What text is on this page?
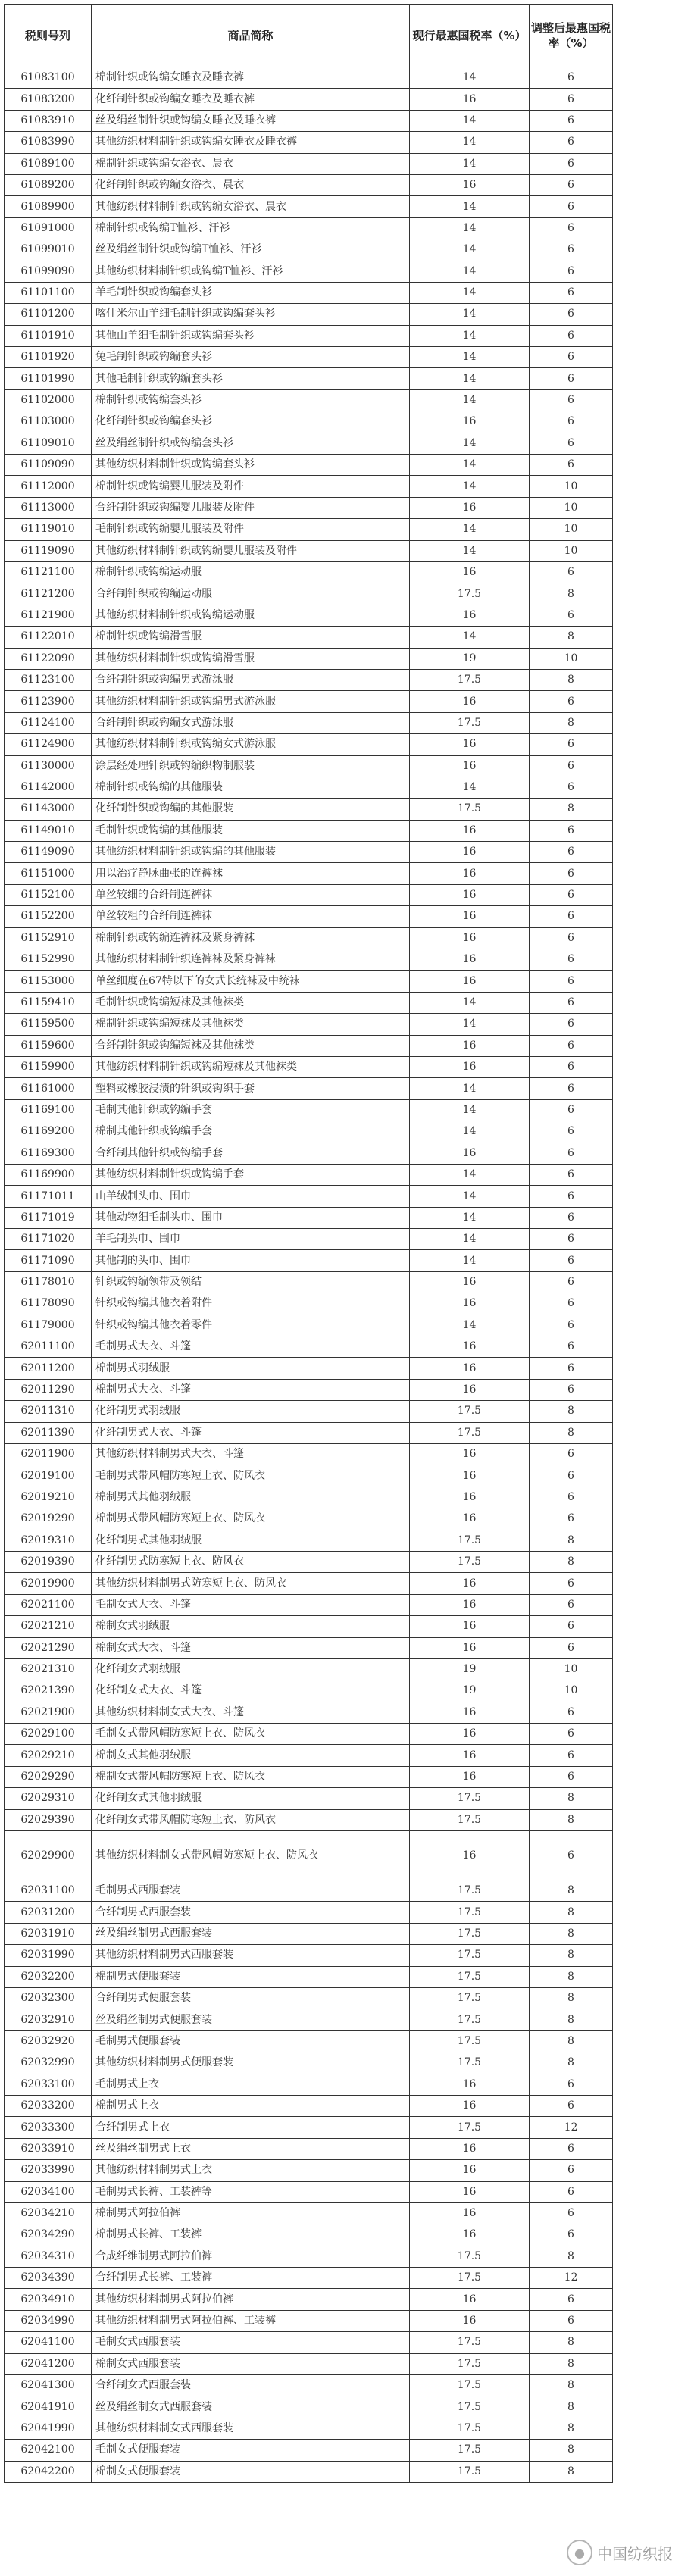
税则号列	商品简称	现行最惠国税率（%）	调整后最惠国税率（%）
61083100	棉制针织或钩编女睡衣及睡衣裤	14	6
61083200	化纤制针织或钩编女睡衣及睡衣裤	16	6
61083910	丝及绢丝制针织或钩编女睡衣及睡衣裤	14	6
61083990	其他纺织材料制针织或钩编女睡衣及睡衣裤	14	6
61089100	棉制针织或钩编女浴衣、晨衣	14	6
61089200	化纤制针织或钩编女浴衣、晨衣	16	6
61089900	其他纺织材料制针织或钩编女浴衣、晨衣	14	6
61091000	棉制针织或钩编T恤衫、汗衫	14	6
61099010	丝及绢丝制针织或钩编T恤衫、汗衫	14	6
61099090	其他纺织材料制针织或钩编T恤衫、汗衫	14	6
61101100	羊毛制针织或钩编套头衫	14	6
61101200	喀什米尔山羊细毛制针织或钩编套头衫	14	6
61101910	其他山羊细毛制针织或钩编套头衫	14	6
61101920	兔毛制针织或钩编套头衫	14	6
61101990	其他毛制针织或钩编套头衫	14	6
61102000	棉制针织或钩编套头衫	14	6
61103000	化纤制针织或钩编套头衫	16	6
61109010	丝及绢丝制针织或钩编套头衫	14	6
61109090	其他纺织材料制针织或钩编套头衫	14	6
61112000	棉制针织或钩编婴儿服装及附件	14	10
61113000	合纤制针织或钩编婴儿服装及附件	16	10
61119010	毛制针织或钩编婴儿服装及附件	14	10
61119090	其他纺织材料制针织或钩编婴儿服装及附件	14	10
61121100	棉制针织或钩编运动服	16	6
61121200	合纤制针织或钩编运动服	17.5	8
61121900	其他纺织材料制针织或钩编运动服	16	6
61122010	棉制针织或钩编滑雪服	14	8
61122090	其他纺织材料制针织或钩编滑雪服	19	10
61123100	合纤制针织或钩编男式游泳服	17.5	8
61123900	其他纺织材料制针织或钩编男式游泳服	16	6
61124100	合纤制针织或钩编女式游泳服	17.5	8
61124900	其他纺织材料制针织或钩编女式游泳服	16	6
61130000	涂层经处理针织或钩编织物制服装	16	6
61142000	棉制针织或钩编的其他服装	14	6
61143000	化纤制针织或钩编的其他服装	17.5	8
61149010	毛制针织或钩编的其他服装	16	6
61149090	其他纺织材料制针织或钩编的其他服装	16	6
61151000	用以治疗静脉曲张的连裤袜	16	6
61152100	单丝较细的合纤制连裤袜	16	6
61152200	单丝较粗的合纤制连裤袜	16	6
61152910	棉制针织或钩编连裤袜及紧身裤袜	16	6
61152990	其他纺织材料制针织连裤袜及紧身裤袜	16	6
61153000	单丝细度在67特以下的女式长统袜及中统袜	16	6
61159410	毛制针织或钩编短袜及其他袜类	14	6
61159500	棉制针织或钩编短袜及其他袜类	14	6
61159600	合纤制针织或钩编短袜及其他袜类	16	6
61159900	其他纺织材料制针织或钩编短袜及其他袜类	16	6
61161000	塑料或橡胶浸渍的针织或钩织手套	14	6
61169100	毛制其他针织或钩编手套	14	6
61169200	棉制其他针织或钩编手套	14	6
61169300	合纤制其他针织或钩编手套	16	6
61169900	其他纺织材料制针织或钩编手套	14	6
61171011	山羊绒制头巾、围巾	14	6
61171019	其他动物细毛制头巾、围巾	14	6
61171020	羊毛制头巾、围巾	14	6
61171090	其他制的头巾、围巾	14	6
61178010	针织或钩编领带及领结	16	6
61178090	针织或钩编其他衣着附件	16	6
61179000	针织或钩编其他衣着零件	14	6
62011100	毛制男式大衣、斗篷	16	6
62011200	棉制男式羽绒服	16	6
62011290	棉制男式大衣、斗篷	16	6
62011310	化纤制男式羽绒服	17.5	8
62011390	化纤制男式大衣、斗篷	17.5	8
62011900	其他纺织材料制男式大衣、斗篷	16	6
62019100	毛制男式带风帽防寒短上衣、防风衣	16	6
62019210	棉制男式其他羽绒服	16	6
62019290	棉制男式带风帽防寒短上衣、防风衣	16	6
62019310	化纤制男式其他羽绒服	17.5	8
62019390	化纤制男式防寒短上衣、防风衣	17.5	8
62019900	其他纺织材料制男式防寒短上衣、防风衣	16	6
62021100	毛制女式大衣、斗篷	16	6
62021210	棉制女式羽绒服	16	6
62021290	棉制女式大衣、斗篷	16	6
62021310	化纤制女式羽绒服	19	10
62021390	化纤制女式大衣、斗篷	19	10
62021900	其他纺织材料制女式大衣、斗篷	16	6
62029100	毛制女式带风帽防寒短上衣、防风衣	16	6
62029210	棉制女式其他羽绒服	16	6
62029290	棉制女式带风帽防寒短上衣、防风衣	16	6
62029310	化纤制女式其他羽绒服	17.5	8
62029390	化纤制女式带风帽防寒短上衣、防风衣	17.5	8
62029900	其他纺织材料制女式带风帽防寒短上衣、防风衣	16	6
62031100	毛制男式西服套装	17.5	8
62031200	合纤制男式西服套装	17.5	8
62031910	丝及绢丝制男式西服套装	17.5	8
62031990	其他纺织材料制男式西服套装	17.5	8
62032200	棉制男式便服套装	17.5	8
62032300	合纤制男式便服套装	17.5	8
62032910	丝及绢丝制男式便服套装	17.5	8
62032920	毛制男式便服套装	17.5	8
62032990	其他纺织材料制男式便服套装	17.5	8
62033100	毛制男式上衣	16	6
62033200	棉制男式上衣	16	6
62033300	合纤制男式上衣	17.5	12
62033910	丝及绢丝制男式上衣	16	6
62033990	其他纺织材料制男式上衣	16	6
62034100	毛制男式长裤、工装裤等	16	6
62034210	棉制男式阿拉伯裤	16	6
62034290	棉制男式长裤、工装裤	16	6
62034310	合成纤维制男式阿拉伯裤	17.5	8
62034390	合纤制男式长裤、工装裤	17.5	12
62034910	其他纺织材料制男式阿拉伯裤	16	6
62034990	其他纺织材料制男式阿拉伯裤、工装裤	16	6
62041100	毛制女式西服套装	17.5	8
62041200	棉制女式西服套装	17.5	8
62041300	合纤制女式西服套装	17.5	8
62041910	丝及绢丝制女式西服套装	17.5	8
62041990	其他纺织材料制女式西服套装	17.5	8
62042100	毛制女式便服套装	17.5	8
62042200	棉制女式便服套装	17.5	8
● 中国纺织报
